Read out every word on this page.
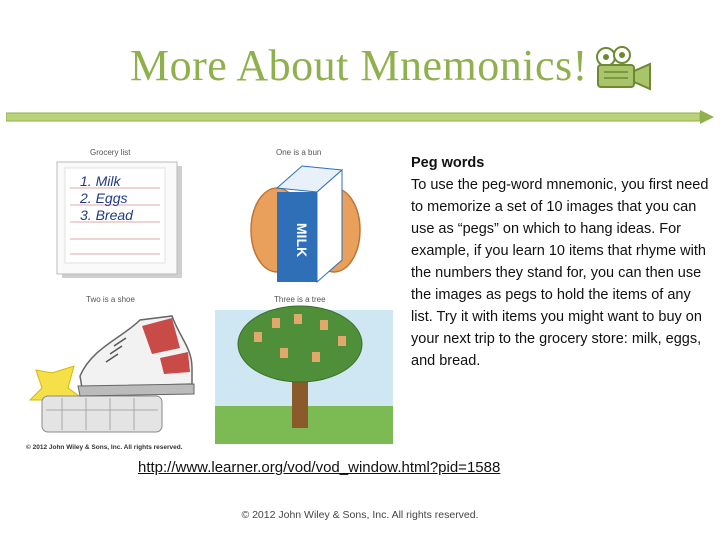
More About Mnemonics!
1. Milk
2. Eggs
3. Bread
MILK
Grocery list	One is a bun
Two is a shoe	Three is a tree
© 2012 John Wiley & Sons, Inc. All rights reserved.
Peg words
To use the peg-word mnemonic, you first need to memorize a set of 10 images that you can use as “pegs” on which to hang ideas. For example, if you learn 10 items that rhyme with the numbers they stand for, you can then use the images as pegs to hold the items of any list. Try it with items you might want to buy on your next trip to the grocery store: milk, eggs, and bread.
http://www.learner.org/vod/vod_window.html?pid=1588
© 2012 John Wiley & Sons, Inc. All rights reserved.
